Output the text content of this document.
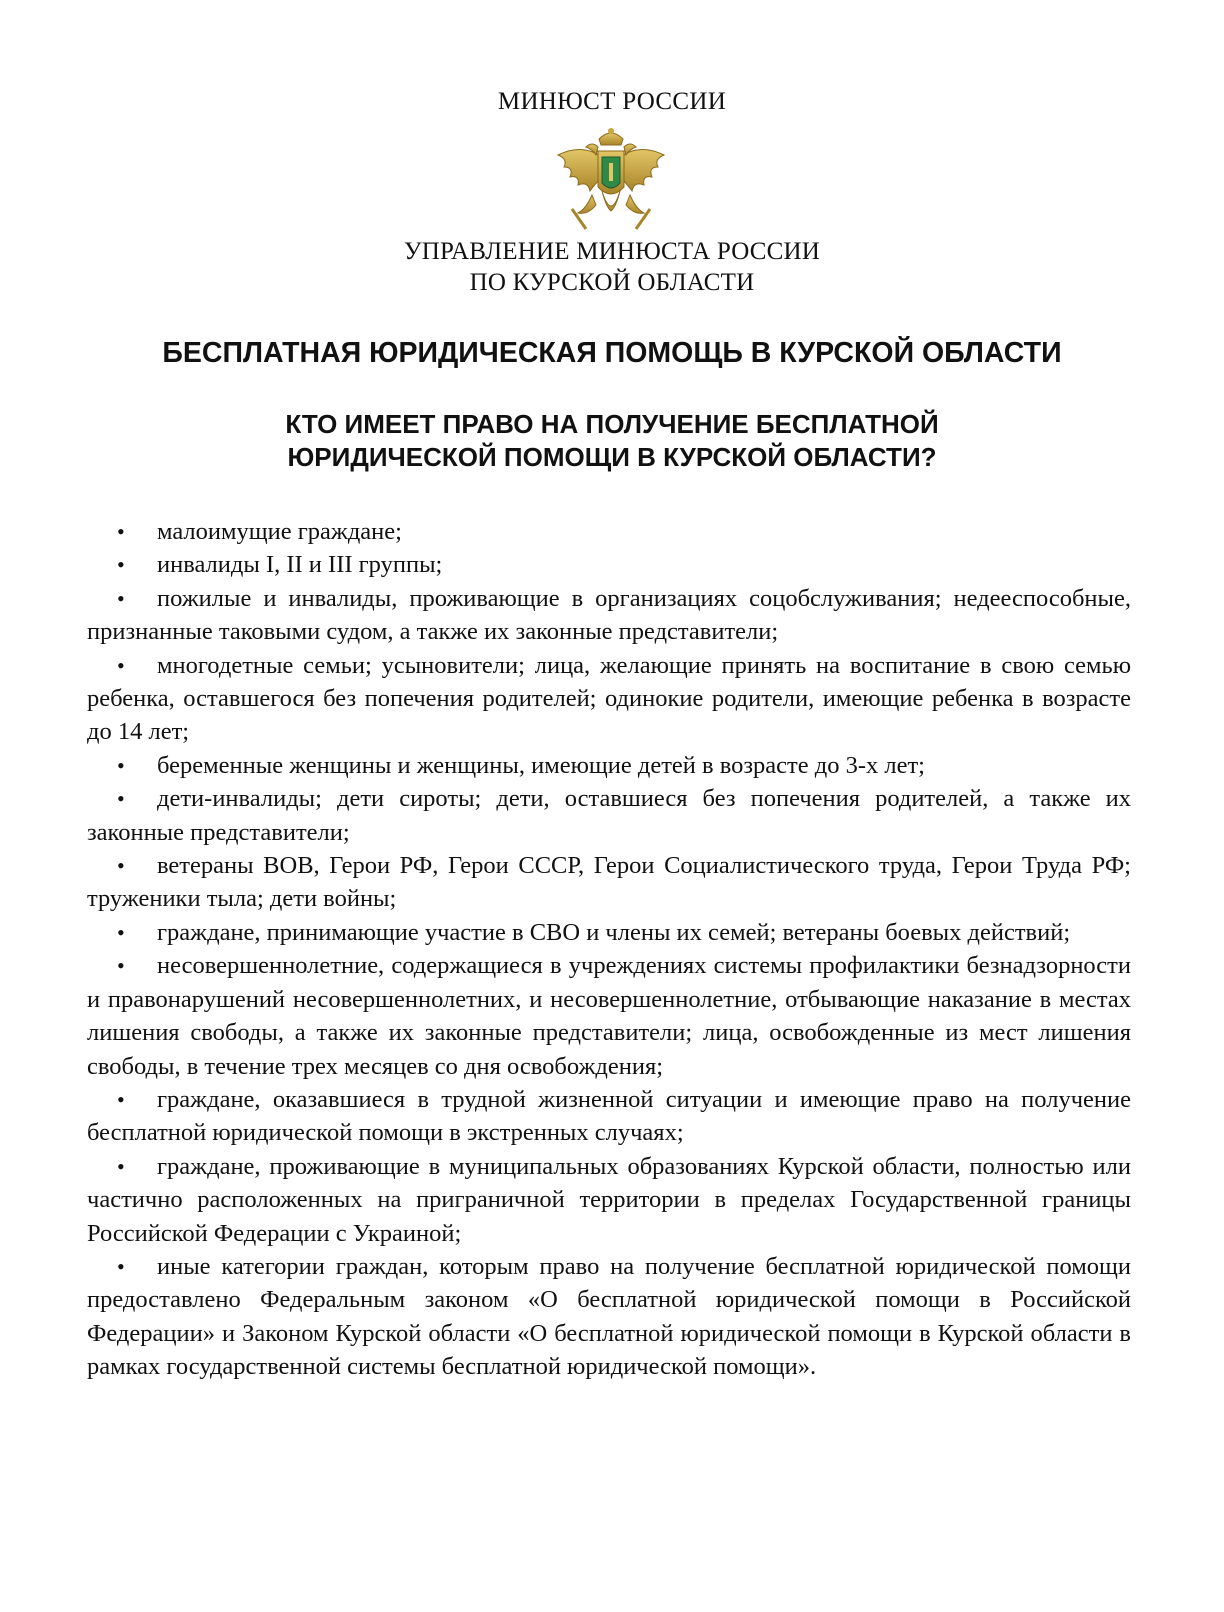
МИНЮСТ РОССИИ
УПРАВЛЕНИЕ МИНЮСТА РОССИИ
ПО КУРСКОЙ ОБЛАСТИ
БЕСПЛАТНАЯ ЮРИДИЧЕСКАЯ ПОМОЩЬ В КУРСКОЙ ОБЛАСТИ
КТО ИМЕЕТ ПРАВО НА ПОЛУЧЕНИЕ БЕСПЛАТНОЙ
ЮРИДИЧЕСКОЙ ПОМОЩИ В КУРСКОЙ ОБЛАСТИ?

• малоимущие граждане;

• инвалиды I, II и III группы;

• пожилые и инвалиды, проживающие в организациях соцобслуживания; недееспособные, признанные таковыми судом, а также их законные представители;

• многодетные семьи; усыновители; лица, желающие принять на воспитание в свою семью ребенка, оставшегося без попечения родителей; одинокие родители, имеющие ребенка в возрасте до 14 лет;

• беременные женщины и женщины, имеющие детей в возрасте до 3-х лет;

• дети-инвалиды; дети сироты; дети, оставшиеся без попечения родителей, а также их законные представители;

• ветераны ВОВ, Герои РФ, Герои СССР, Герои Социалистического труда, Герои Труда РФ; труженики тыла; дети войны;

• граждане, принимающие участие в СВО и члены их семей; ветераны боевых действий;

• несовершеннолетние, содержащиеся в учреждениях системы профилактики безнадзорности и правонарушений несовершеннолетних, и несовершеннолетние, отбывающие наказание в местах лишения свободы, а также их законные представители; лица, освобожденные из мест лишения свободы, в течение трех месяцев со дня освобождения;

• граждане, оказавшиеся в трудной жизненной ситуации и имеющие право на получение бесплатной юридической помощи в экстренных случаях;

• граждане, проживающие в муниципальных образованиях Курской области, полностью или частично расположенных на приграничной территории в пределах Государственной границы Российской Федерации с Украиной;

• иные категории граждан, которым право на получение бесплатной юридической помощи предоставлено Федеральным законом «О бесплатной юридической помощи в Российской Федерации» и Законом Курской области «О бесплатной юридической помощи в Курской области в рамках государственной системы бесплатной юридической помощи».
